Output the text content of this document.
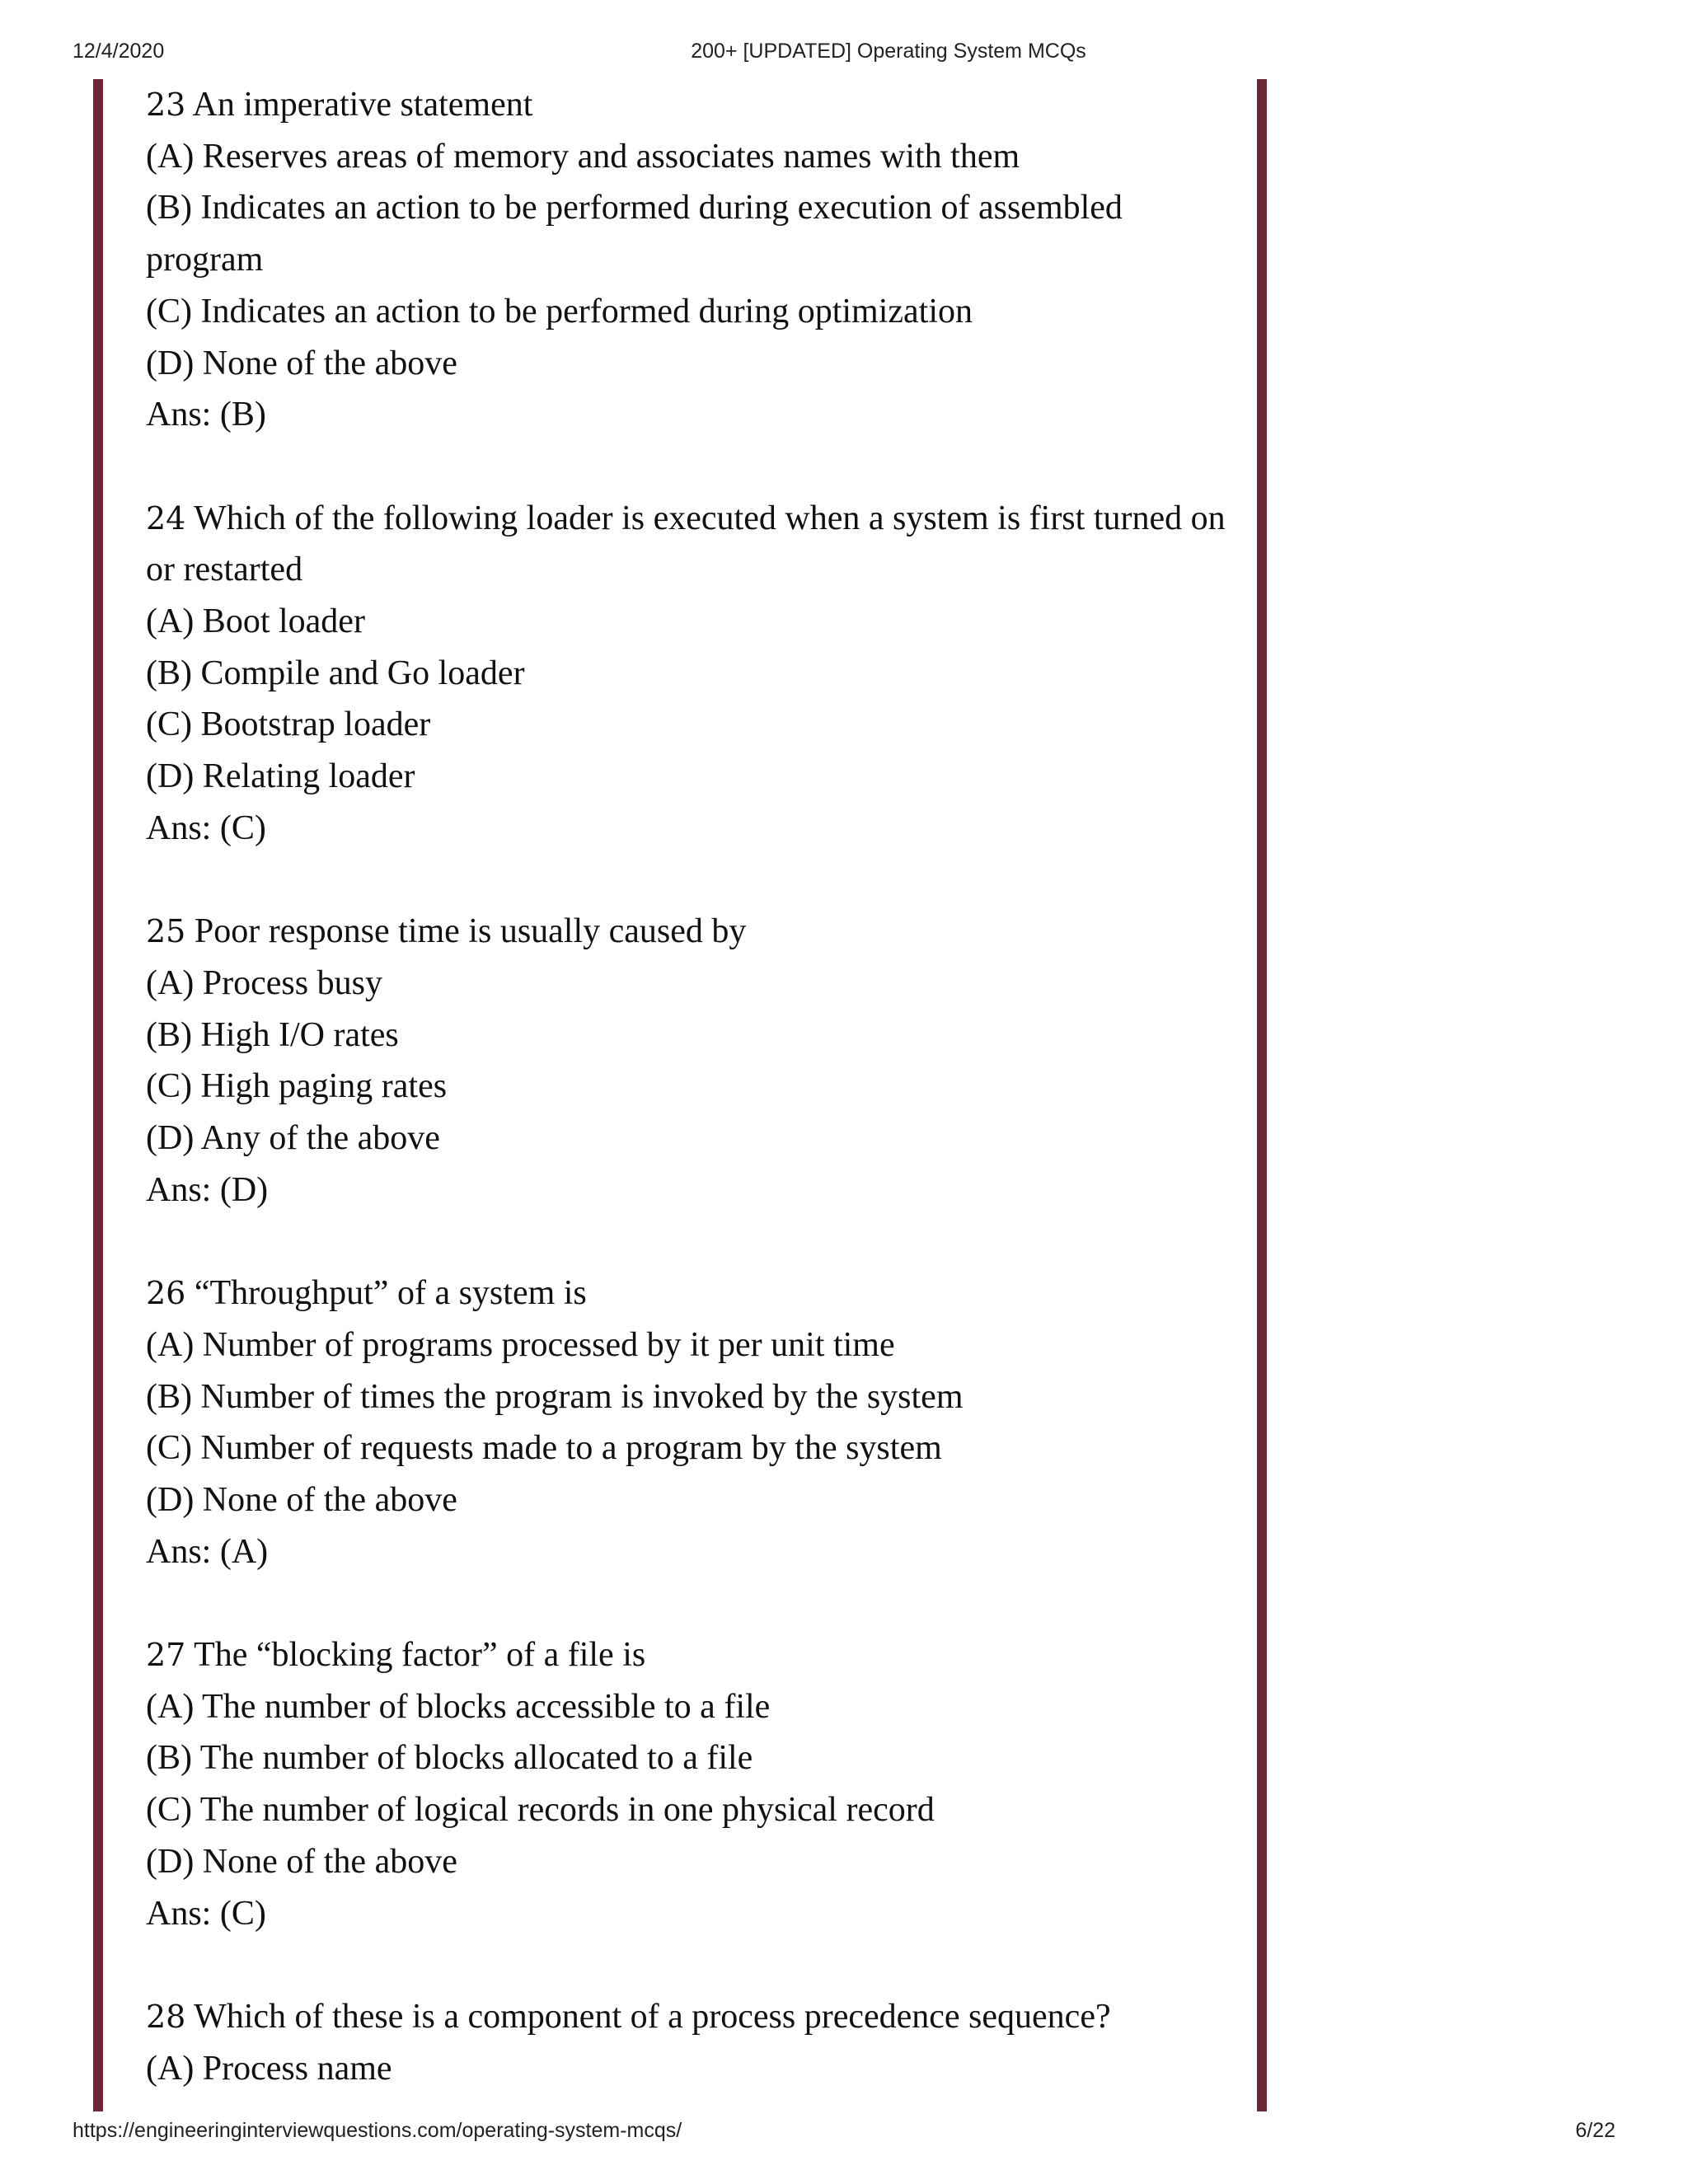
12/4/2020	200+ [UPDATED] Operating System MCQs

23 An imperative statement

(A) Reserves areas of memory and associates names with them

(B) Indicates an action to be performed during execution of assembled program

(C) Indicates an action to be performed during optimization

(D) None of the above

Ans: (B)

24 Which of the following loader is executed when a system is first turned on or restarted

(A) Boot loader

(B) Compile and Go loader

(C) Bootstrap loader

(D) Relating loader

Ans: (C)

25 Poor response time is usually caused by

(A) Process busy

(B) High I/O rates

(C) High paging rates

(D) Any of the above

Ans: (D)

26 “Throughput” of a system is

(A) Number of programs processed by it per unit time

(B) Number of times the program is invoked by the system

(C) Number of requests made to a program by the system

(D) None of the above

Ans: (A)

27 The “blocking factor” of a file is

(A) The number of blocks accessible to a file

(B) The number of blocks allocated to a file

(C) The number of logical records in one physical record

(D) None of the above

Ans: (C)

28 Which of these is a component of a process precedence sequence?

(A) Process name

https://engineeringinterviewquestions.com/operating-system-mcqs/	6/22
